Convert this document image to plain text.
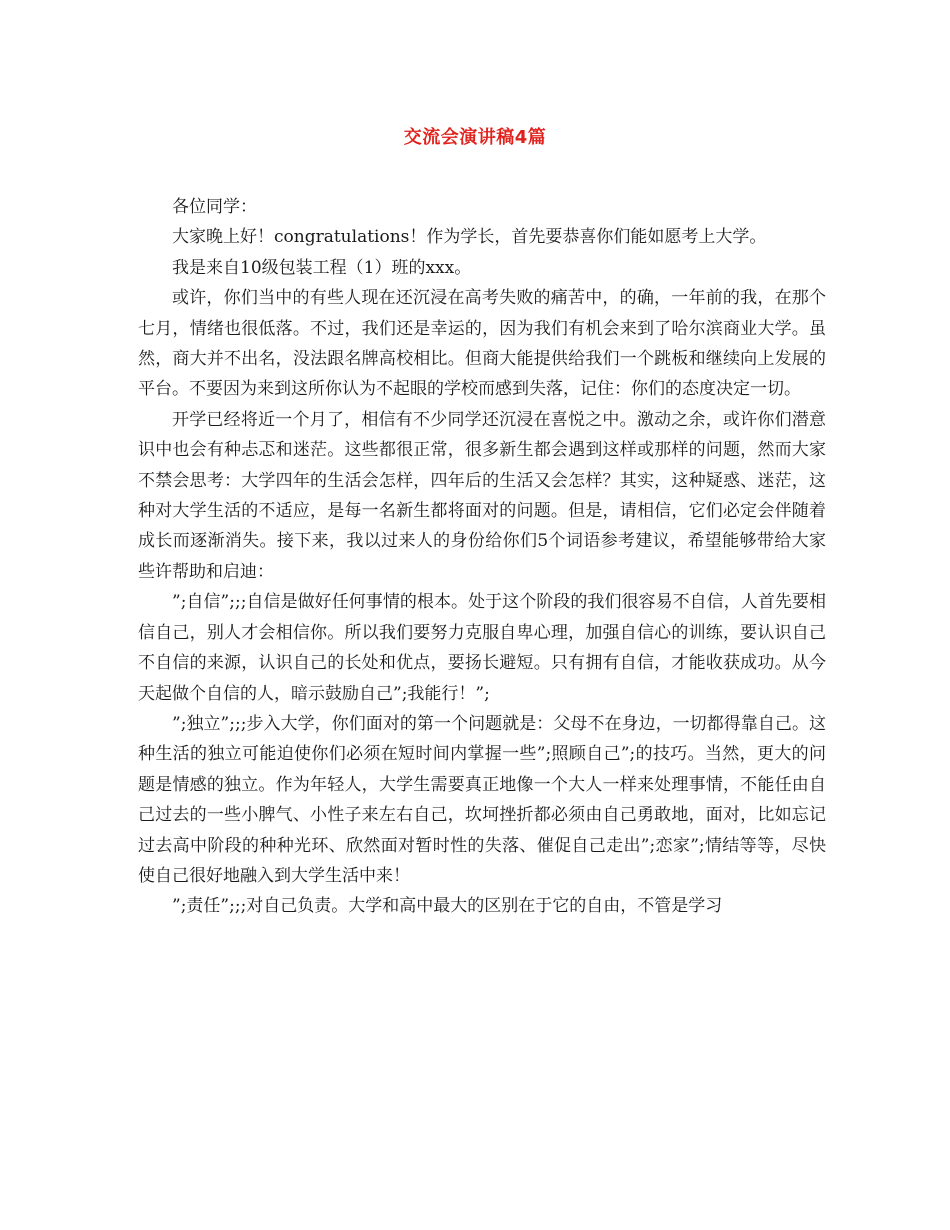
交流会演讲稿4篇

各位同学：

大家晚上好！congratulations！作为学长，首先要恭喜你们能如愿考上大学。

我是来自10级包装工程（1）班的xxx。

或许，你们当中的有些人现在还沉浸在高考失败的痛苦中，的确，一年前的我，在那个七月，情绪也很低落。不过，我们还是幸运的，因为我们有机会来到了哈尔滨商业大学。虽然，商大并不出名，没法跟名牌高校相比。但商大能提供给我们一个跳板和继续向上发展的平台。不要因为来到这所你认为不起眼的学校而感到失落，记住：你们的态度决定一切。

开学已经将近一个月了，相信有不少同学还沉浸在喜悦之中。激动之余，或许你们潜意识中也会有种忐忑和迷茫。这些都很正常，很多新生都会遇到这样或那样的问题，然而大家不禁会思考：大学四年的生活会怎样，四年后的生活又会怎样？其实，这种疑惑、迷茫，这种对大学生活的不适应，是每一名新生都将面对的问题。但是，请相信，它们必定会伴随着成长而逐渐消失。接下来，我以过来人的身份给你们5个词语参考建议，希望能够带给大家些许帮助和启迪：

”;自信”;;;自信是做好任何事情的根本。处于这个阶段的我们很容易不自信，人首先要相信自己，别人才会相信你。所以我们要努力克服自卑心理，加强自信心的训练，要认识自己不自信的来源，认识自己的长处和优点，要扬长避短。只有拥有自信，才能收获成功。从今天起做个自信的人，暗示鼓励自己”;我能行！”;

”;独立”;;;步入大学，你们面对的第一个问题就是：父母不在身边，一切都得靠自己。这种生活的独立可能迫使你们必须在短时间内掌握一些”;照顾自己”;的技巧。当然，更大的问题是情感的独立。作为年轻人，大学生需要真正地像一个大人一样来处理事情，不能任由自己过去的一些小脾气、小性子来左右自己，坎坷挫折都必须由自己勇敢地，面对，比如忘记过去高中阶段的种种光环、欣然面对暂时性的失落、催促自己走出”;恋家”;情结等等，尽快使自己很好地融入到大学生活中来！

”;责任”;;;对自己负责。大学和高中最大的区别在于它的自由，不管是学习
